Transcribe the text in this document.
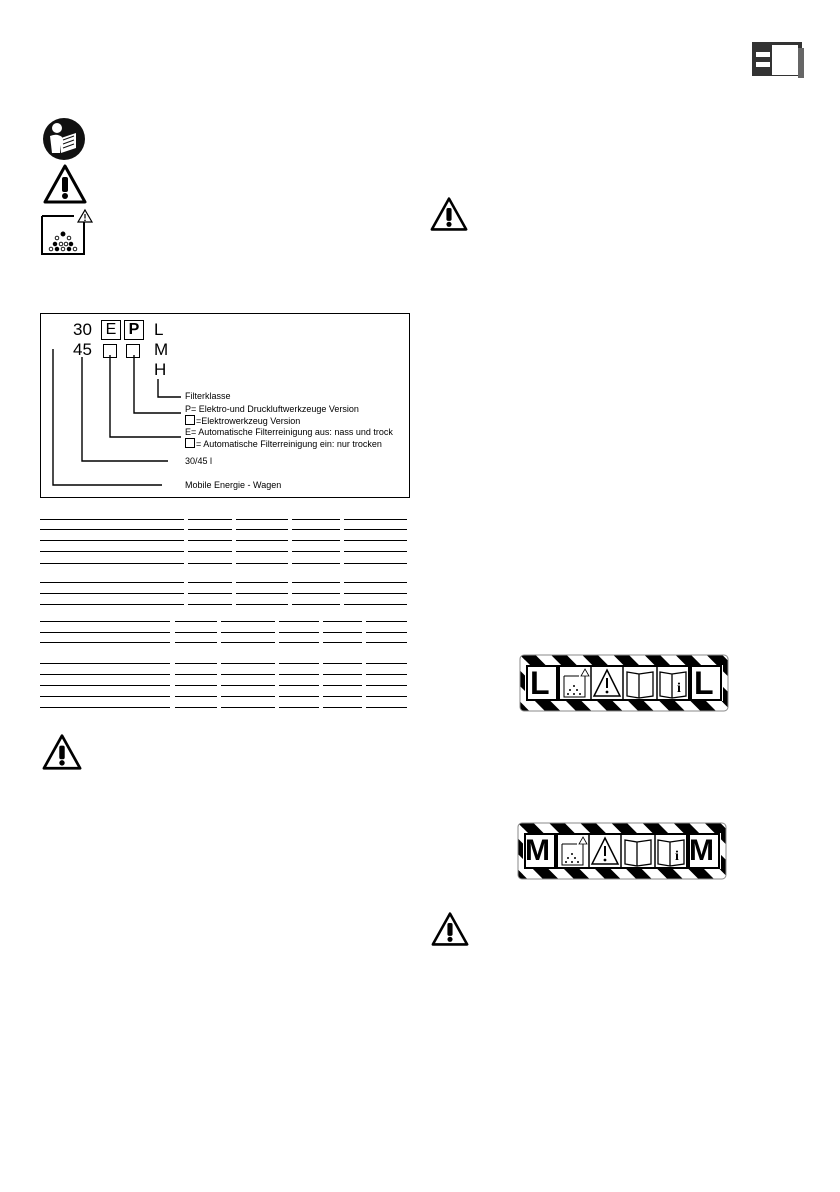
30 E P L
45	M
H
Filterklasse
P= Elektro-und Druckluftwerkzeuge Version
=Elektrowerkzeug Version
E= Automatische Filterreinigung aus: nass und trock
= Automatische Filterreinigung ein: nur trocken
30/45 l
Mobile Energie - Wagen
i
L	L
i
M	M
